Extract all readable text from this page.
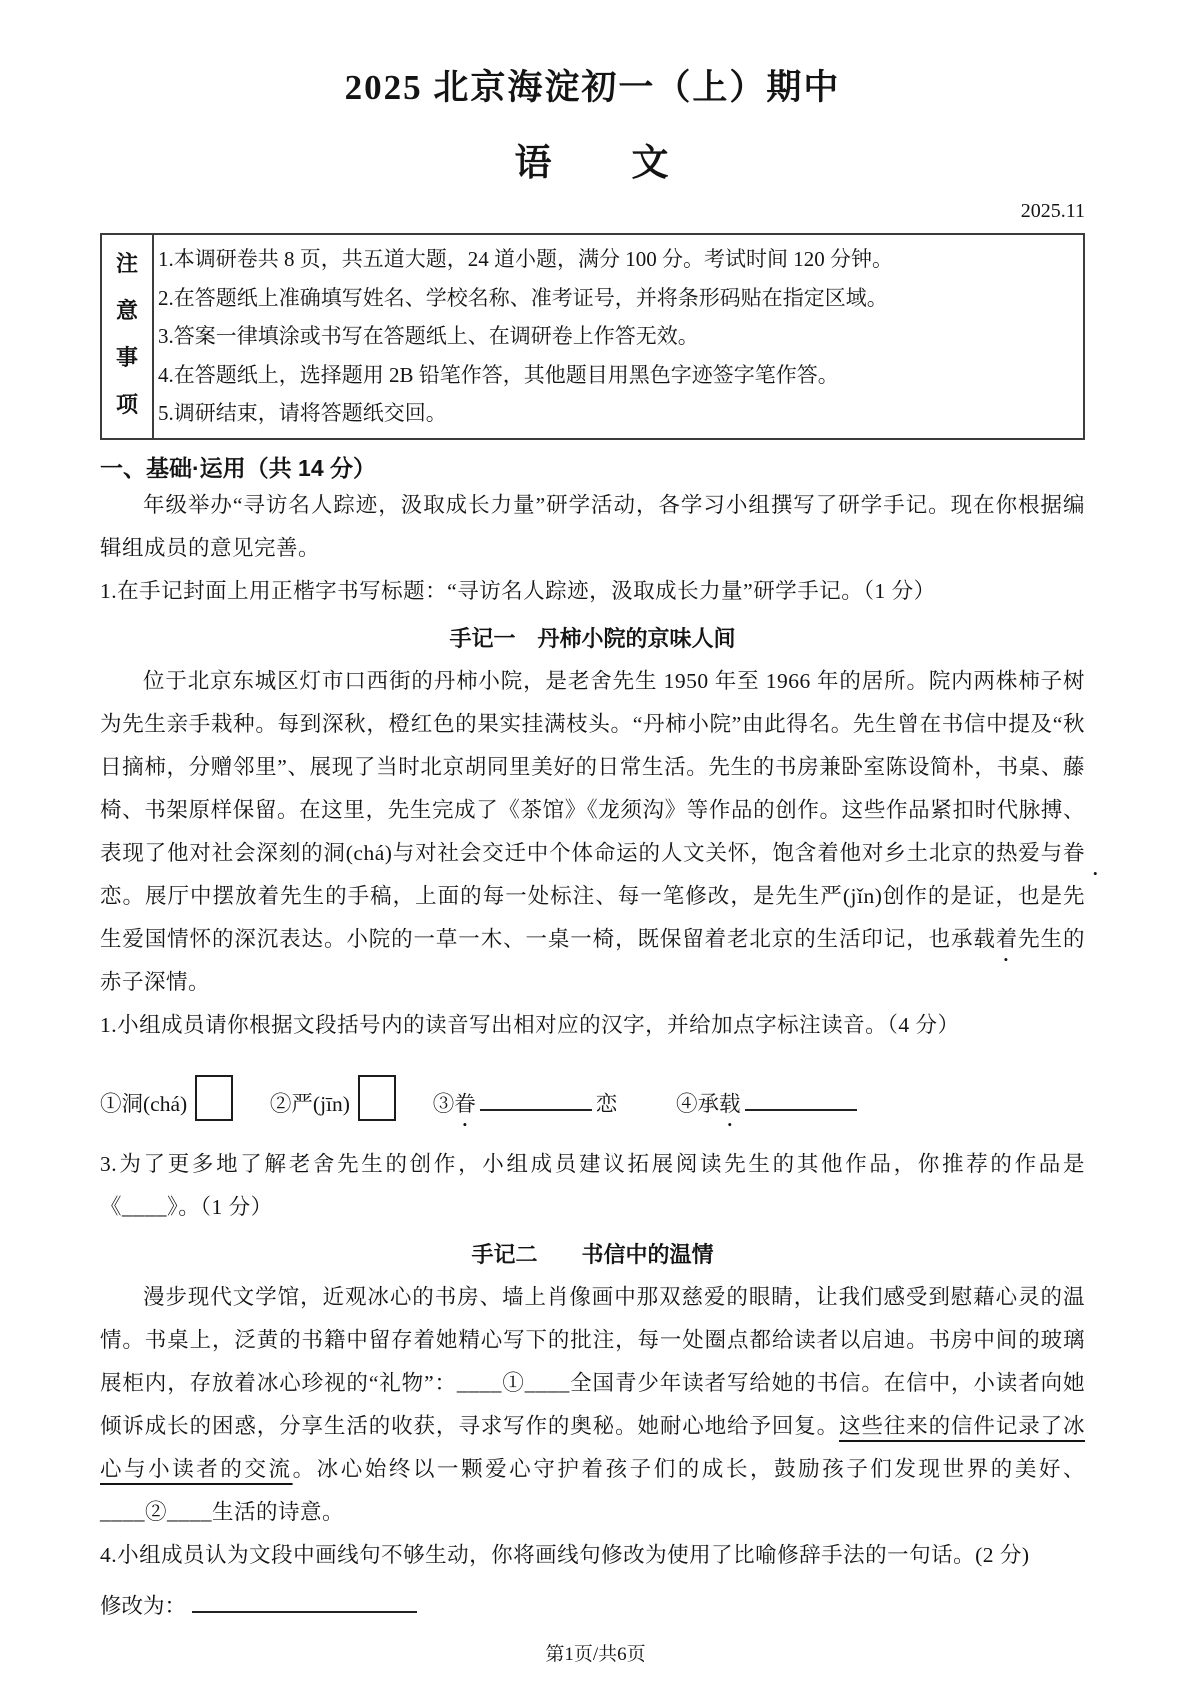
2025 北京海淀初一（上）期中
语　　文
2025.11
注
意
事
项
1.本调研卷共 8 页，共五道大题，24 道小题，满分 100 分。考试时间 120 分钟。
2.在答题纸上准确填写姓名、学校名称、准考证号，并将条形码贴在指定区域。
3.答案一律填涂或书写在答题纸上、在调研卷上作答无效。
4.在答题纸上，选择题用 2B 铅笔作答，其他题目用黑色字迹签字笔作答。
5.调研结束，请将答题纸交回。
一、基础·运用（共 14 分）

年级举办“寻访名人踪迹，汲取成长力量”研学活动，各学习小组撰写了研学手记。现在你根据编辑组成员的意见完善。

1.在手记封面上用正楷字书写标题：“寻访名人踪迹，汲取成长力量”研学手记。（1 分）

手记一　丹柿小院的京味人间

位于北京东城区灯市口西街的丹柿小院，是老舍先生 1950 年至 1966 年的居所。院内两株柿子树为先生亲手栽种。每到深秋，橙红色的果实挂满枝头。“丹柿小院”由此得名。先生曾在书信中提及“秋日摘柿，分赠邻里”、展现了当时北京胡同里美好的日常生活。先生的书房兼卧室陈设简朴，书桌、藤椅、书架原样保留。在这里，先生完成了《茶馆》《龙须沟》等作品的创作。这些作品紧扣时代脉搏、表现了他对社会深刻的洞(chá)与对社会交迁中个体命运的人文关怀，饱含着他对乡土北京的热爱与眷恋。展厅中摆放着先生的手稿，上面的每一处标注、每一笔修改，是先生严(jǐn)创作的是证，也是先生爱国情怀的深沉表达。小院的一草一木、一桌一椅，既保留着老北京的生活印记，也承载着先生的赤子深情。

1.小组成员请你根据文段括号内的读音写出相对应的汉字，并给加点字标注读音。（4 分）

①洞(chá)	②严(jīn)	③眷	恋	④承载

3.为了更多地了解老舍先生的创作，小组成员建议拓展阅读先生的其他作品，你推荐的作品是《____》。（1 分）

手记二　　书信中的温情

漫步现代文学馆，近观冰心的书房、墙上肖像画中那双慈爱的眼睛，让我们感受到慰藉心灵的温情。书桌上，泛黄的书籍中留存着她精心写下的批注，每一处圈点都给读者以启迪。书房中间的玻璃展柜内，存放着冰心珍视的“礼物”：____①____全国青少年读者写给她的书信。在信中，小读者向她倾诉成长的困惑，分享生活的收获，寻求写作的奥秘。她耐心地给予回复。这些往来的信件记录了冰心与小读者的交流。冰心始终以一颗爱心守护着孩子们的成长，鼓励孩子们发现世界的美好、____②____生活的诗意。

4.小组成员认为文段中画线句不够生动，你将画线句修改为使用了比喻修辞手法的一句话。(2 分)

修改为：
第1页/共6页
